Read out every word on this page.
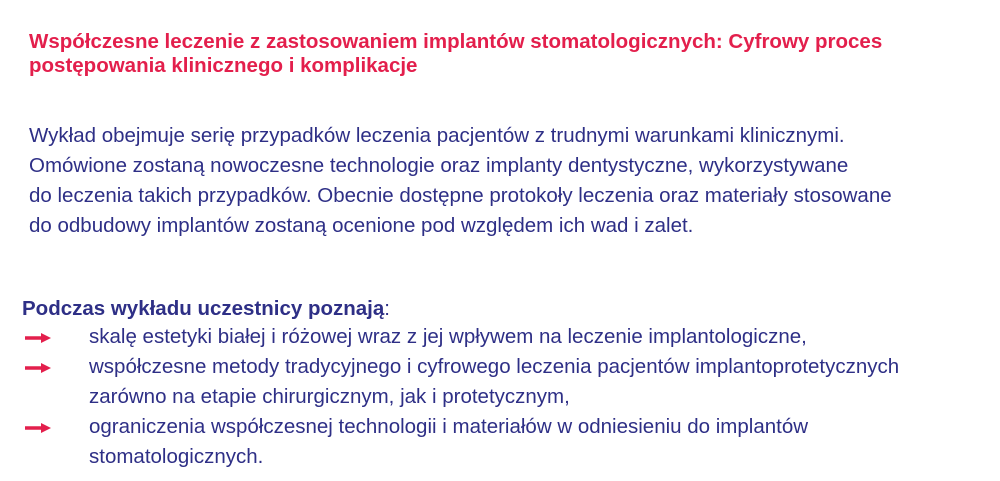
Współczesne leczenie z zastosowaniem implantów stomatologicznych: Cyfrowy proces
postępowania klinicznego i komplikacje

Wykład obejmuje serię przypadków leczenia pacjentów z trudnymi warunkami klinicznymi.
Omówione zostaną nowoczesne technologie oraz implanty dentystyczne, wykorzystywane
do leczenia takich przypadków. Obecnie dostępne protokoły leczenia oraz materiały stosowane
do odbudowy implantów zostaną ocenione pod względem ich wad i zalet.

Podczas wykładu uczestnicy poznają:

skalę estetyki białej i różowej wraz z jej wpływem na leczenie implantologiczne,
współczesne metody tradycyjnego i cyfrowego leczenia pacjentów implantoprotetycznych
zarówno na etapie chirurgicznym, jak i protetycznym,
ograniczenia współczesnej technologii i materiałów w odniesieniu do implantów
stomatologicznych.
